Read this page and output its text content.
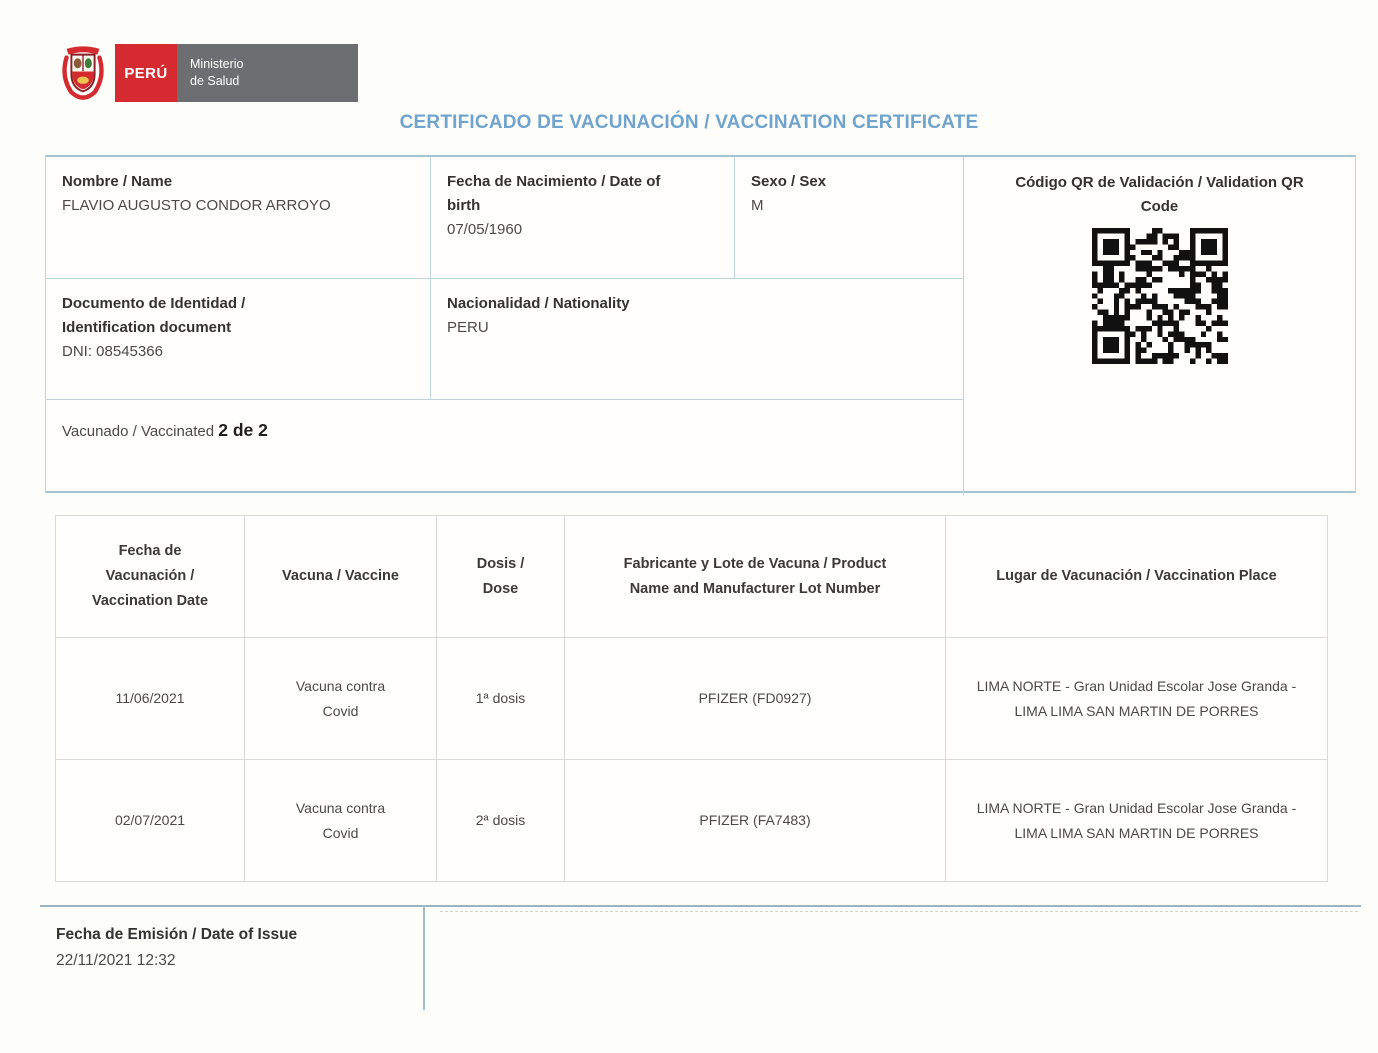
PERÚ
Ministerio
de Salud
CERTIFICADO DE VACUNACIÓN / VACCINATION CERTIFICATE
Nombre / Name
FLAVIO AUGUSTO CONDOR ARROYO
Fecha de Nacimiento / Date of birth
07/05/1960
Sexo / Sex
M
Documento de Identidad / Identification document
DNI: 08545366
Nacionalidad / Nationality
PERU
Vacunado / Vaccinated 2 de 2
Código QR de Validación / Validation QR Code
Fecha de Vacunación / Vaccination Date	Vacuna / Vaccine	Dosis / Dose	Fabricante y Lote de Vacuna / Product Name and Manufacturer Lot Number	Lugar de Vacunación / Vaccination Place
11/06/2021	Vacuna contra Covid	1ª dosis	PFIZER (FD0927)	LIMA NORTE - Gran Unidad Escolar Jose Granda - LIMA LIMA SAN MARTIN DE PORRES
02/07/2021	Vacuna contra Covid	2ª dosis	PFIZER (FA7483)	LIMA NORTE - Gran Unidad Escolar Jose Granda - LIMA LIMA SAN MARTIN DE PORRES
Fecha de Emisión / Date of Issue
22/11/2021 12:32
